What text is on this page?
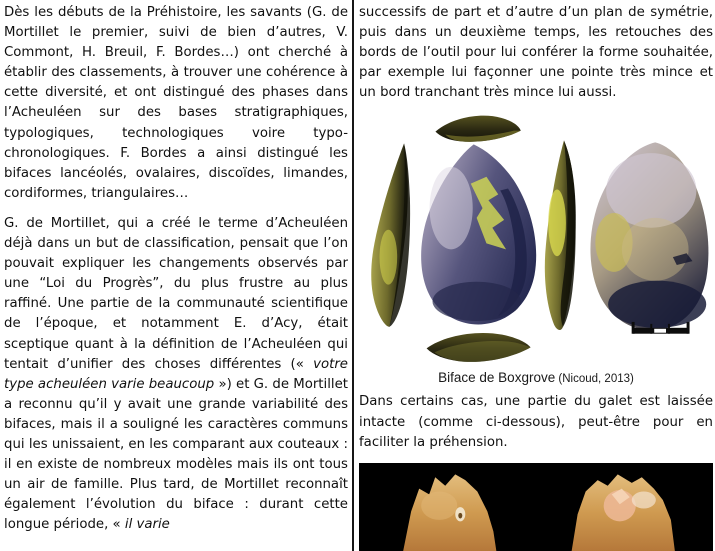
Dès les débuts de la Préhistoire, les savants (G. de Mortillet le premier, suivi de bien d’autres, V. Commont, H. Breuil, F. Bordes…) ont cherché à établir des classements, à trouver une cohérence à cette diversité, et ont distingué des phases dans l’Acheuléen sur des bases stratigraphiques, typologiques, technologiques voire typo-chronologiques. F. Bordes a ainsi distingué les bifaces lancéolés, ovalaires, discoïdes, limandes, cordiformes, triangulaires…

G. de Mortillet, qui a créé le terme d’Acheuléen déjà dans un but de classification, pensait que l’on pouvait expliquer les changements observés par une “Loi du Progrès”, du plus frustre au plus raffiné. Une partie de la communauté scientifique de l’époque, et notamment E. d’Acy, était sceptique quant à la définition de l’Acheuléen qui tentait d’unifier des choses différentes (« votre type acheuléen varie beaucoup ») et G. de Mortillet a reconnu qu’il y avait une grande variabilité des bifaces, mais il a souligné les caractères communs qui les unissaient, en les comparant aux couteaux : il en existe de nombreux modèles mais ils ont tous un air de famille. Plus tard, de Mortillet reconnaît également l’évolution du biface : durant cette longue période, « il varie

successifs de part et d’autre d’un plan de symétrie, puis dans un deuxième temps, les retouches des bords de l’outil pour lui conférer la forme souhaitée, par exemple lui façonner une pointe très mince et un bord tranchant très mince lui aussi.

Biface de Boxgrove (Nicoud, 2013)

Dans certains cas, une partie du galet est laissée intacte (comme ci-dessous), peut-être pour en faciliter la préhension.
